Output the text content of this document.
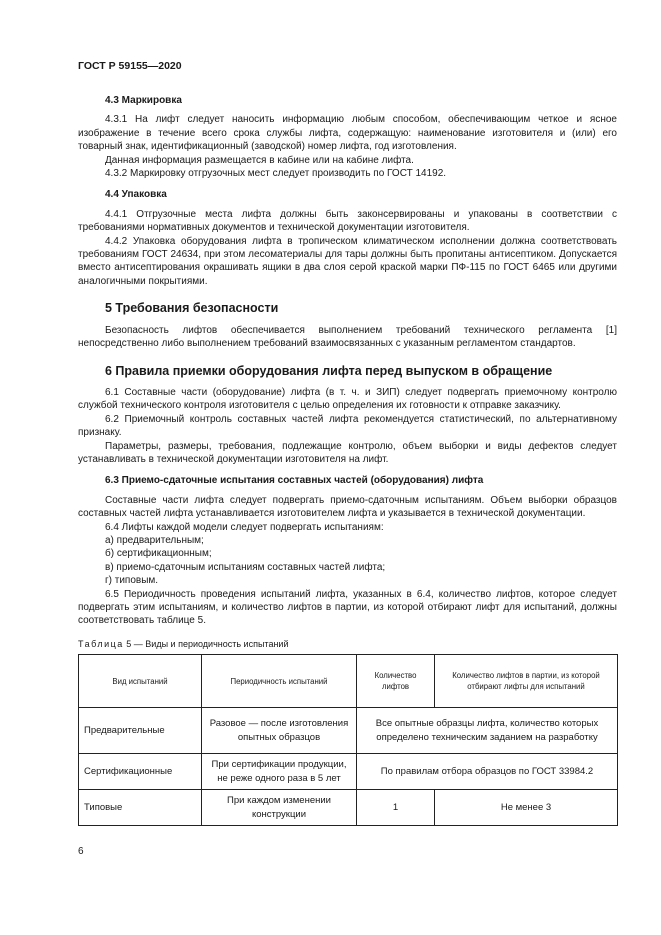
ГОСТ Р 59155—2020
4.3 Маркировка

4.3.1 На лифт следует наносить информацию любым способом, обеспечивающим четкое и ясное изображение в течение всего срока службы лифта, содержащую: наименование изготовителя и (или) его товарный знак, идентификационный (заводской) номер лифта, год изготовления.

Данная информация размещается в кабине или на кабине лифта.

4.3.2 Маркировку отгрузочных мест следует производить по ГОСТ 14192.

4.4 Упаковка

4.4.1 Отгрузочные места лифта должны быть законсервированы и упакованы в соответствии с требованиями нормативных документов и технической документации изготовителя.

4.4.2 Упаковка оборудования лифта в тропическом климатическом исполнении должна соответствовать требованиям ГОСТ 24634, при этом лесоматериалы для тары должны быть пропитаны антисептиком. Допускается вместо антисептирования окрашивать ящики в два слоя серой краской марки ПФ-115 по ГОСТ 6465 или другими аналогичными покрытиями.

5 Требования безопасности

Безопасность лифтов обеспечивается выполнением требований технического регламента [1] непосредственно либо выполнением требований взаимосвязанных с указанным регламентом стандартов.

6 Правила приемки оборудования лифта перед выпуском в обращение

6.1 Составные части (оборудование) лифта (в т. ч. и ЗИП) следует подвергать приемочному контролю службой технического контроля изготовителя с целью определения их готовности к отправке заказчику.

6.2 Приемочный контроль составных частей лифта рекомендуется статистический, по альтернативному признаку.

Параметры, размеры, требования, подлежащие контролю, объем выборки и виды дефектов следует устанавливать в технической документации изготовителя на лифт.

6.3 Приемо-сдаточные испытания составных частей (оборудования) лифта

Составные части лифта следует подвергать приемо-сдаточным испытаниям. Объем выборки образцов составных частей лифта устанавливается изготовителем лифта и указывается в технической документации.

6.4 Лифты каждой модели следует подвергать испытаниям:

а) предварительным;

б) сертификационным;

в) приемо-сдаточным испытаниям составных частей лифта;

г) типовым.

6.5 Периодичность проведения испытаний лифта, указанных в 6.4, количество лифтов, которое следует подвергать этим испытаниям, и количество лифтов в партии, из которой отбирают лифт для испытаний, должны соответствовать таблице 5.

Таблица 5 — Виды и периодичность испытаний
Вид испытаний	Периодичность испытаний	Количество лифтов	Количество лифтов в партии, из которой отбирают лифты для испытаний
Предварительные	Разовое — после изготовления опытных образцов	Все опытные образцы лифта, количество которых определено техническим заданием на разработку	
Сертификационные	При сертификации продукции, не реже одного раза в 5 лет	По правилам отбора образцов по ГОСТ 33984.2	
Типовые	При каждом изменении конструкции	1	Не менее 3
6
